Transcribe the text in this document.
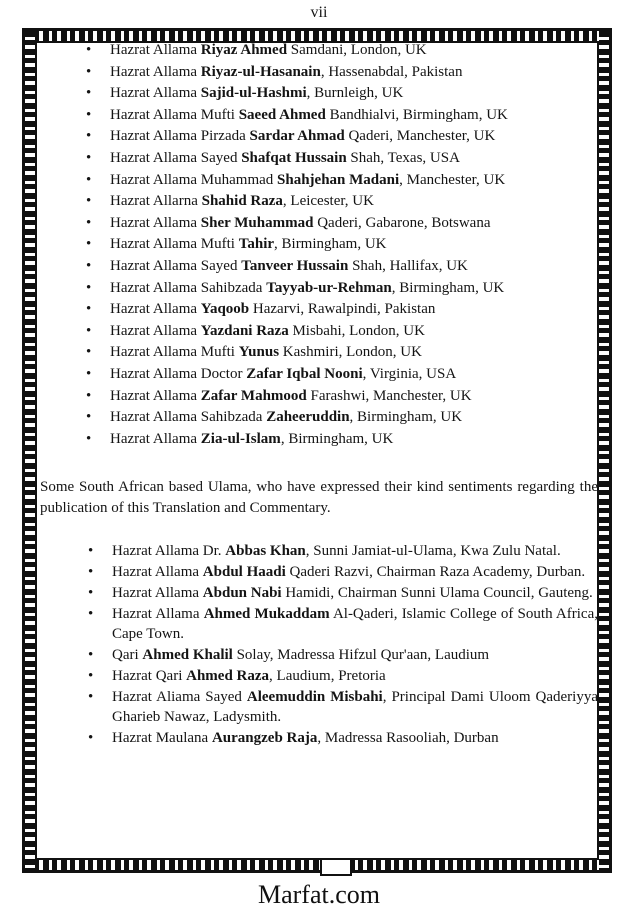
vii
• Hazrat Allama Riyaz Ahmed Samdani, London, UK
• Hazrat Allama Riyaz-ul-Hasanain, Hassenabdal, Pakistan
• Hazrat Allama Sajid-ul-Hashmi, Burnleigh, UK
• Hazrat Allama Mufti Saeed Ahmed Bandhialvi, Birmingham, UK
• Hazrat Allama Pirzada Sardar Ahmad Qaderi, Manchester, UK
• Hazrat Allama Sayed Shafqat Hussain Shah, Texas, USA
• Hazrat Allama Muhammad Shahjehan Madani, Manchester, UK
• Hazrat Allarna Shahid Raza, Leicester, UK
• Hazrat Allama Sher Muhammad Qaderi, Gabarone, Botswana
• Hazrat Allama Mufti Tahir, Birmingham, UK
• Hazrat Allama Sayed Tanveer Hussain Shah, Hallifax, UK
• Hazrat Allama Sahibzada Tayyab-ur-Rehman, Birmingham, UK
• Hazrat Allama Yaqoob Hazarvi, Rawalpindi, Pakistan
• Hazrat Allama Yazdani Raza Misbahi, London, UK
• Hazrat Allama Mufti Yunus Kashmiri, London, UK
• Hazrat Allama Doctor Zafar Iqbal Nooni, Virginia, USA
• Hazrat Allama Zafar Mahmood Farashwi, Manchester, UK
• Hazrat Allama Sahibzada Zaheeruddin, Birmingham, UK
• Hazrat Allama Zia-ul-Islam, Birmingham, UK

Some South African based Ulama, who have expressed their kind sentiments regarding the publication of this Translation and Commentary.

• Hazrat Allama Dr. Abbas Khan, Sunni Jamiat-ul-Ulama, Kwa Zulu Natal.
• Hazrat Allama Abdul Haadi Qaderi Razvi, Chairman Raza Academy, Durban.
• Hazrat Allama Abdun Nabi Hamidi, Chairman Sunni Ulama Council, Gauteng.
• Hazrat Allama Ahmed Mukaddam Al-Qaderi, Islamic College of South Africa, Cape Town.
• Qari Ahmed Khalil Solay, Madressa Hifzul Qur'aan, Laudium
• Hazrat Qari Ahmed Raza, Laudium, Pretoria
• Hazrat Aliama Sayed Aleemuddin Misbahi, Principal Dami Uloom Qaderiyya Gharieb Nawaz, Ladysmith.
• Hazrat Maulana Aurangzeb Raja, Madressa Rasooliah, Durban
Marfat.com
